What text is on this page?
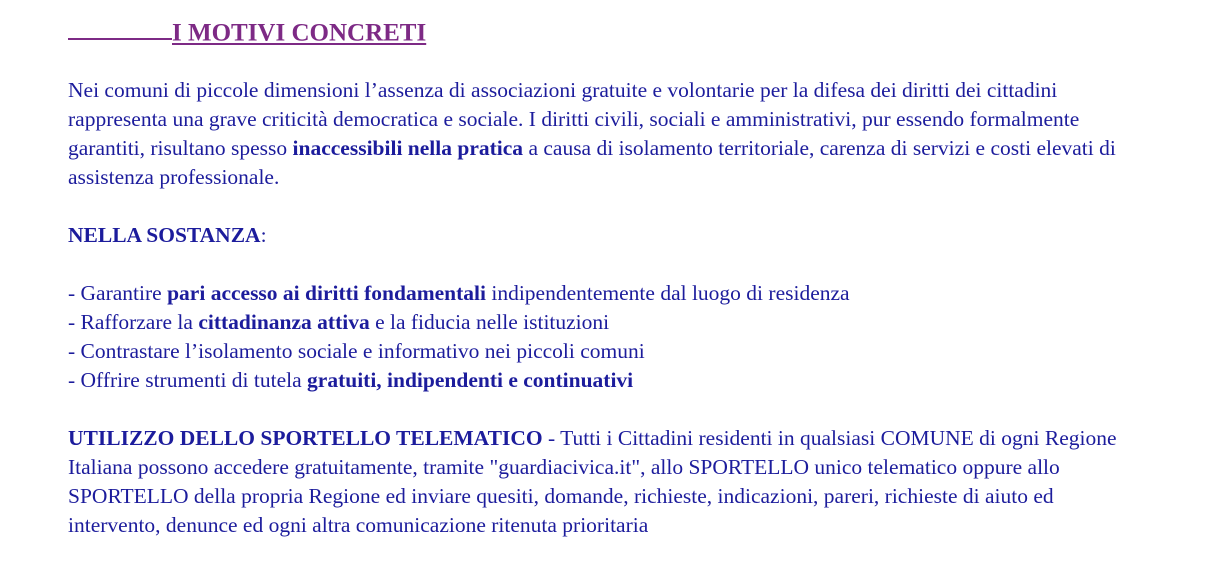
I MOTIVI CONCRETI

Nei comuni di piccole dimensioni l’assenza di associazioni gratuite e volontarie per la difesa dei diritti dei cittadini rappresenta una grave criticità democratica e sociale. I diritti civili, sociali e amministrativi, pur essendo formalmente garantiti, risultano spesso inaccessibili nella pratica a causa di isolamento territoriale, carenza di servizi e costi elevati di assistenza professionale.

NELLA SOSTANZA:

- Garantire pari accesso ai diritti fondamentali indipendentemente dal luogo di residenza
- Rafforzare la cittadinanza attiva e la fiducia nelle istituzioni
- Contrastare l’isolamento sociale e informativo nei piccoli comuni
- Offrire strumenti di tutela gratuiti, indipendenti e continuativi

UTILIZZO DELLO SPORTELLO TELEMATICO - Tutti i Cittadini residenti in qualsiasi COMUNE di ogni Regione Italiana possono accedere gratuitamente, tramite "guardiacivica.it", allo SPORTELLO unico telematico oppure allo SPORTELLO della propria Regione ed inviare quesiti, domande, richieste, indicazioni, pareri, richieste di aiuto ed intervento, denunce ed ogni altra comunicazione ritenuta prioritaria
